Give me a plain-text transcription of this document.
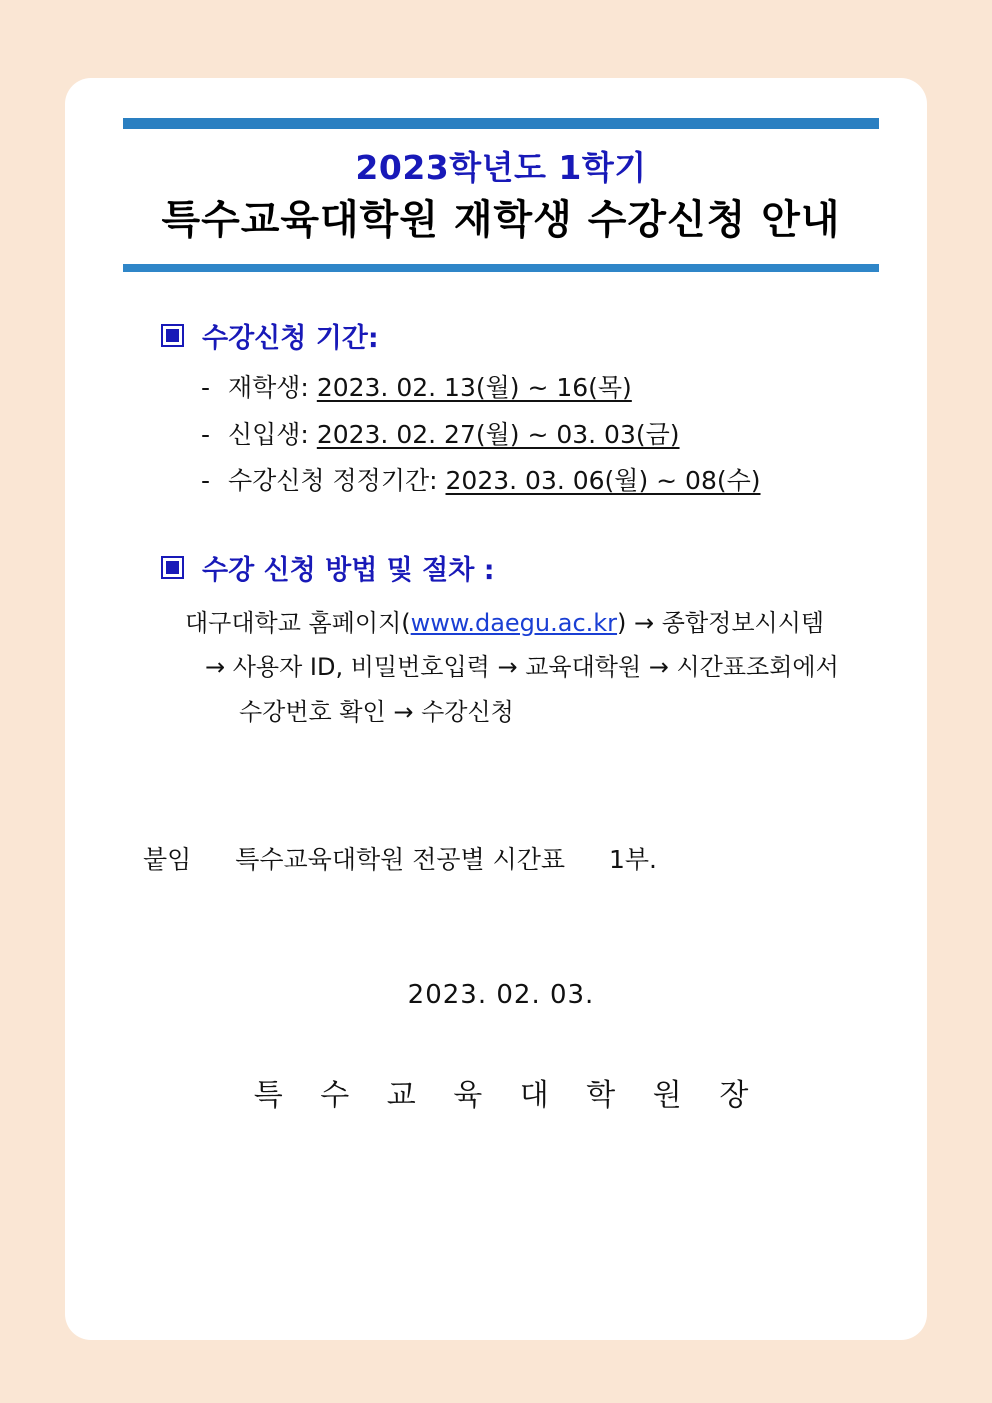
2023학년도 1학기
특수교육대학원 재학생 수강신청 안내
수강신청 기간:
- 재학생: 2023. 02. 13(월) ~ 16(목)
- 신입생: 2023. 02. 27(월) ~ 03. 03(금)
- 수강신청 정정기간: 2023. 03. 06(월) ~ 08(수)
수강 신청 방법 및 절차 :
대구대학교 홈페이지(www.daegu.ac.kr) → 종합정보시시템
→ 사용자 ID, 비밀번호입력 → 교육대학원 → 시간표조회에서
수강번호 확인 → 수강신청
붙임 특수교육대학원 전공별 시간표 1부.
2023. 02. 03.
특 수 교 육 대 학 원 장
